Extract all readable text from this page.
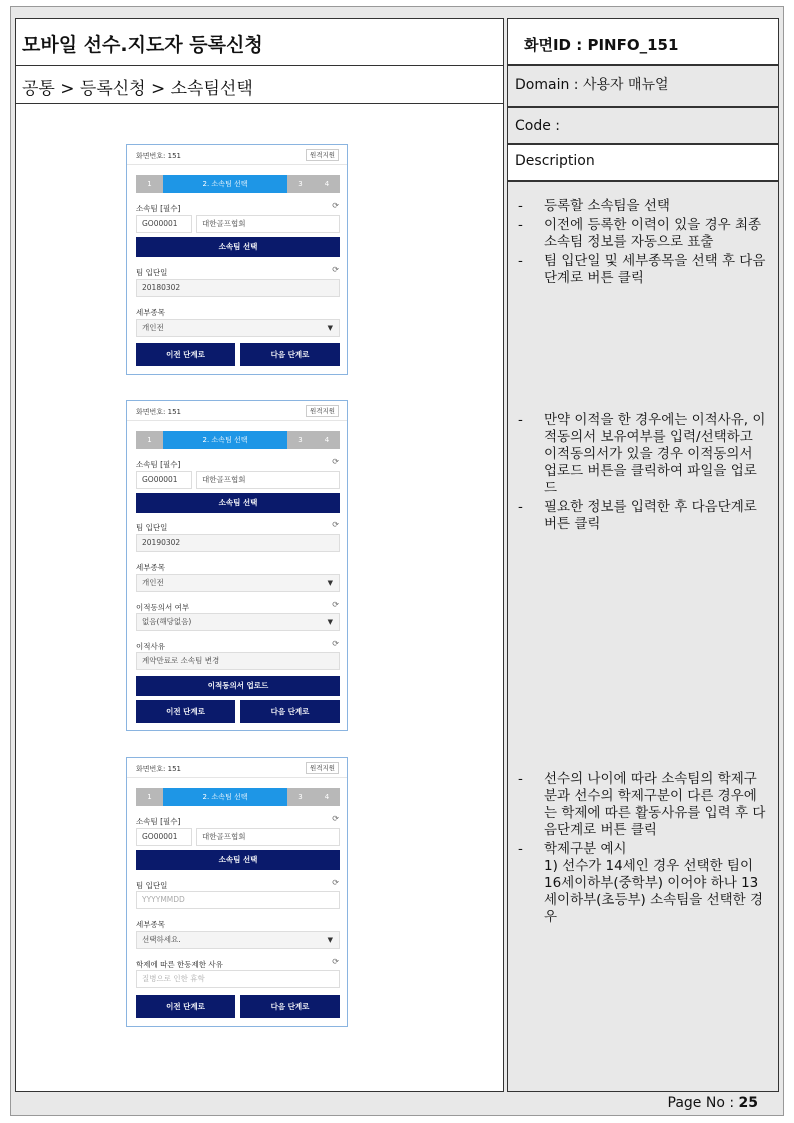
모바일 선수.지도자 등록신청
공통 > 등록신청 > 소속팀선택
화면번호: 151	원격지원
1	2. 소속팀 선택	3	4
소속팀 [필수]	⟳
GO00001	대한골프협회
소속팀 선택
팀 입단일	⟳
20180302
세부종목
개인전	▼
이전 단계로	다음 단계로
화면번호: 151	원격지원
1	2. 소속팀 선택	3	4
소속팀 [필수]	⟳
GO00001	대한골프협회
소속팀 선택
팀 입단일	⟳
20190302
세부종목
개인전	▼
이적동의서 여부	⟳
없음(해당없음)	▼
이적사유	⟳
계약만료로 소속팀 변경
이적동의서 업로드
이전 단계로	다음 단계로
화면번호: 151	원격지원
1	2. 소속팀 선택	3	4
소속팀 [필수]	⟳
GO00001	대한골프협회
소속팀 선택
팀 입단일	⟳
YYYYMMDD
세부종목
선택하세요.	▼
학제에 따른 한동제한 사유	⟳
질병으로 인한 휴학
이전 단계로	다음 단계로
화면ID : PINFO_151
Domain : 사용자 매뉴얼
Code :
Description
-	등록할 소속팀을 선택
-	이전에 등록한 이력이 있을 경우 최종 소속팀 정보를 자동으로 표출
-	팀 입단일 및 세부종목을 선택 후 다음단계로 버튼 클릭
-	만약 이적을 한 경우에는 이적사유, 이적동의서 보유여부를 입력/선택하고 이적동의서가 있을 경우 이적동의서 업로드 버튼을 클릭하여 파일을 업로드
-	필요한 정보를 입력한 후 다음단계로 버튼 클릭
-	선수의 나이에 따라 소속팀의 학제구분과 선수의 학제구분이 다른 경우에는 학제에 따른 활동사유를 입력 후 다음단계로 버튼 클릭
-	학제구분 예시
1) 선수가 14세인 경우 선택한 팀이 16세이하부(중학부) 이어야 하나 13세이하부(초등부) 소속팀을 선택한 경우
Page No : 25
